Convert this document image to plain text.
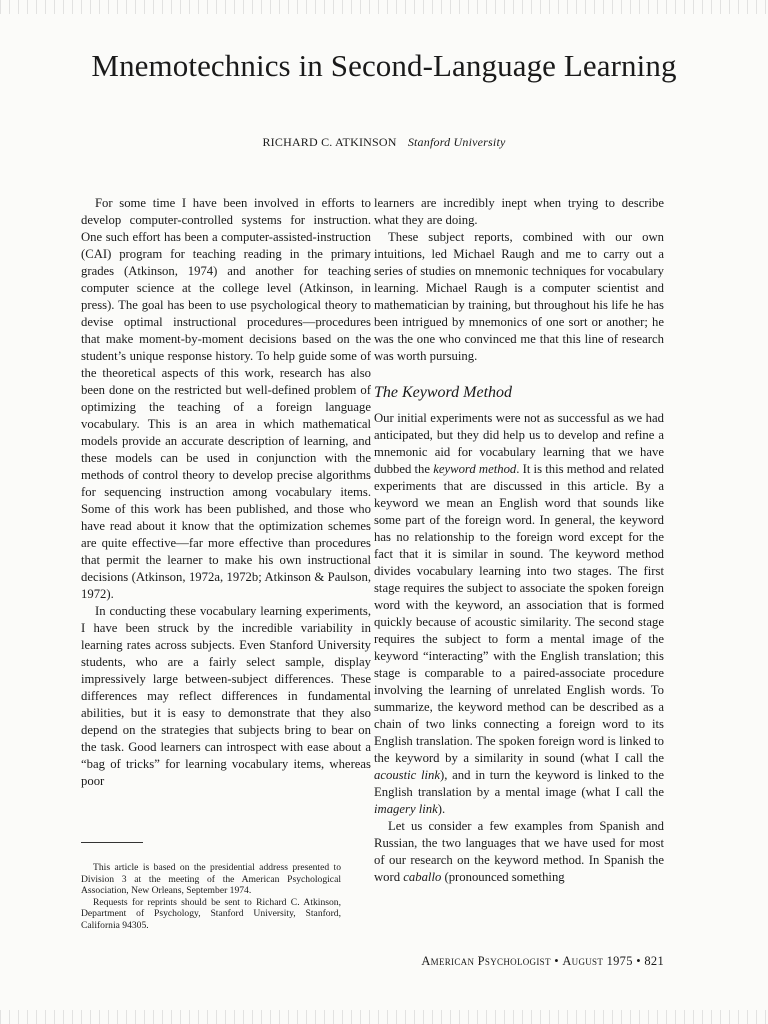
Mnemotechnics in Second-Language Learning
RICHARD C. ATKINSON Stanford University

For some time I have been involved in efforts to develop computer-controlled systems for instruction. One such effort has been a computer-assisted-instruction (CAI) program for teaching reading in the primary grades (Atkinson, 1974) and another for teaching computer science at the college level (Atkinson, in press). The goal has been to use psychological theory to devise optimal instructional procedures—procedures that make moment-by-moment decisions based on the student’s unique response history. To help guide some of the theoretical aspects of this work, research has also been done on the restricted but well-defined problem of optimizing the teaching of a foreign language vocabulary. This is an area in which mathematical models provide an accurate description of learning, and these models can be used in conjunction with the methods of control theory to develop precise algorithms for sequencing instruction among vocabulary items. Some of this work has been published, and those who have read about it know that the optimization schemes are quite effective—far more effective than procedures that permit the learner to make his own instructional decisions (Atkinson, 1972a, 1972b; Atkinson & Paulson, 1972).

In conducting these vocabulary learning experiments, I have been struck by the incredible variability in learning rates across subjects. Even Stanford University students, who are a fairly select sample, display impressively large between-subject differences. These differences may reflect differences in fundamental abilities, but it is easy to demonstrate that they also depend on the strategies that subjects bring to bear on the task. Good learners can introspect with ease about a “bag of tricks” for learning vocabulary items, whereas poor

This article is based on the presidential address presented to Division 3 at the meeting of the American Psychological Association, New Orleans, September 1974.

Requests for reprints should be sent to Richard C. Atkinson, Department of Psychology, Stanford University, Stanford, California 94305.

learners are incredibly inept when trying to describe what they are doing.

These subject reports, combined with our own intuitions, led Michael Raugh and me to carry out a series of studies on mnemonic techniques for vocabulary learning. Michael Raugh is a computer scientist and mathematician by training, but throughout his life he has been intrigued by mnemonics of one sort or another; he was the one who convinced me that this line of research was worth pursuing.

The Keyword Method

Our initial experiments were not as successful as we had anticipated, but they did help us to develop and refine a mnemonic aid for vocabulary learning that we have dubbed the keyword method. It is this method and related experiments that are discussed in this article. By a keyword we mean an English word that sounds like some part of the foreign word. In general, the keyword has no relationship to the foreign word except for the fact that it is similar in sound. The keyword method divides vocabulary learning into two stages. The first stage requires the subject to associate the spoken foreign word with the keyword, an association that is formed quickly because of acoustic similarity. The second stage requires the subject to form a mental image of the keyword “interacting” with the English translation; this stage is comparable to a paired-associate procedure involving the learning of unrelated English words. To summarize, the keyword method can be described as a chain of two links connecting a foreign word to its English translation. The spoken foreign word is linked to the keyword by a similarity in sound (what I call the acoustic link), and in turn the keyword is linked to the English translation by a mental image (what I call the imagery link).

Let us consider a few examples from Spanish and Russian, the two languages that we have used for most of our research on the keyword method. In Spanish the word caballo (pronounced something

American Psychologist • August 1975 • 821
